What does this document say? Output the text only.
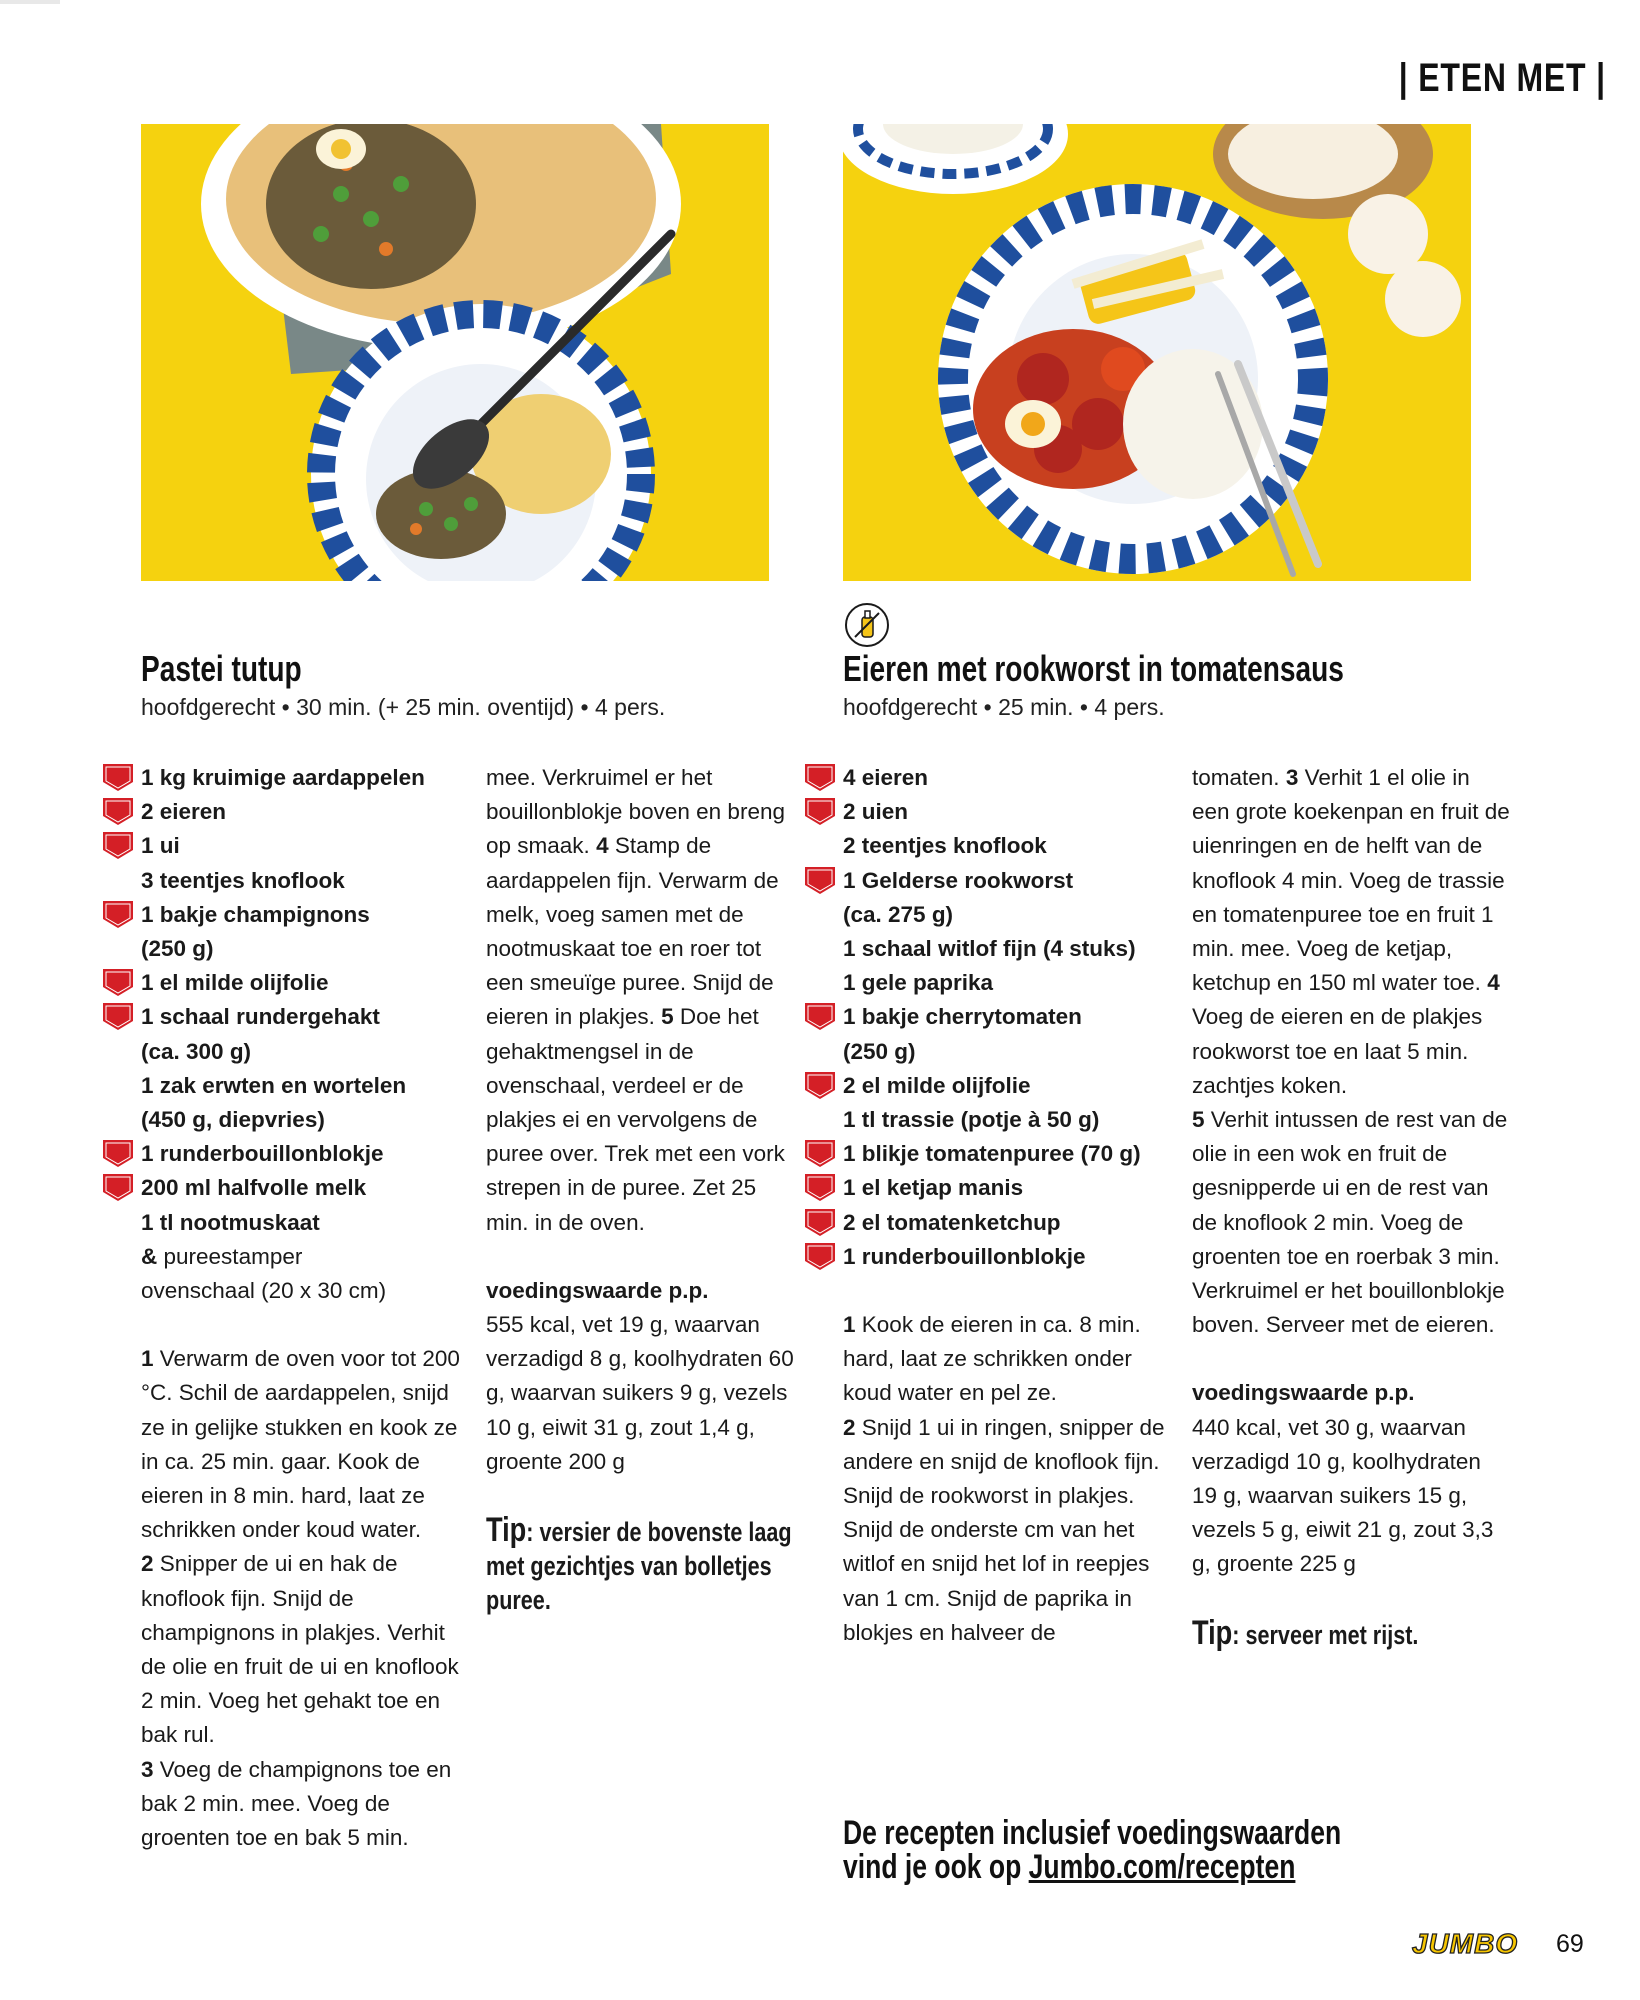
| ETEN MET |
Pastei tutup
hoofdgerecht • 30 min. (+ 25 min. oventijd) • 4 pers.
Eieren met rookworst in tomatensaus
hoofdgerecht • 25 min. • 4 pers.
1 kg kruimige aardappelen
2 eieren
1 ui
3 teentjes knoflook
1 bakje champignons
(250 g)
1 el milde olijfolie
1 schaal rundergehakt
(ca. 300 g)
1 zak erwten en wortelen
(450 g, diepvries)
1 runderbouillonblokje
200 ml halfvolle melk
1 tl nootmuskaat
& pureestamper
ovenschaal (20 x 30 cm)

1 Verwarm de oven voor tot 200 °C. Schil de aardappelen, snijd ze in gelijke stukken en kook ze in ca. 25 min. gaar. Kook de eieren in 8 min. hard, laat ze schrikken onder koud water.

2 Snipper de ui en hak de knoflook fijn. Snijd de champignons in plakjes. Verhit de olie en fruit de ui en knoflook 2 min. Voeg het gehakt toe en bak rul.

3 Voeg de champignons toe en bak 2 min. mee. Voeg de groenten toe en bak 5 min.

mee. Verkruimel er het bouillonblokje boven en breng op smaak. 4 Stamp de aardappelen fijn. Verwarm de melk, voeg samen met de nootmuskaat toe en roer tot een smeuïge puree. Snijd de eieren in plakjes. 5 Doe het gehaktmengsel in de ovenschaal, verdeel er de plakjes ei en vervolgens de puree over. Trek met een vork strepen in de puree. Zet 25 min. in de oven.

voedingswaarde p.p.

555 kcal, vet 19 g, waarvan verzadigd 8 g, koolhydraten 60 g, waarvan suikers 9 g, vezels 10 g, eiwit 31 g, zout 1,4 g, groente 200 g

Tip: versier de bovenste laag met gezichtjes van bolletjes puree.
4 eieren
2 uien
2 teentjes knoflook
1 Gelderse rookworst
(ca. 275 g)
1 schaal witlof fijn (4 stuks)
1 gele paprika
1 bakje cherrytomaten
(250 g)
2 el milde olijfolie
1 tl trassie (potje à 50 g)
1 blikje tomatenpuree (70 g)
1 el ketjap manis
2 el tomatenketchup
1 runderbouillonblokje

1 Kook de eieren in ca. 8 min. hard, laat ze schrikken onder koud water en pel ze.

2 Snijd 1 ui in ringen, snipper de andere en snijd de knoflook fijn. Snijd de rookworst in plakjes. Snijd de onderste cm van het witlof en snijd het lof in reepjes van 1 cm. Snijd de paprika in blokjes en halveer de

tomaten. 3 Verhit 1 el olie in een grote koekenpan en fruit de uienringen en de helft van de knoflook 4 min. Voeg de trassie en tomatenpuree toe en fruit 1 min. mee. Voeg de ketjap, ketchup en 150 ml water toe. 4 Voeg de eieren en de plakjes rookworst toe en laat 5 min. zachtjes koken.

5 Verhit intussen de rest van de olie in een wok en fruit de gesnipperde ui en de rest van de knoflook 2 min. Voeg de groenten toe en roerbak 3 min. Verkruimel er het bouillonblokje boven. Serveer met de eieren.

voedingswaarde p.p.

440 kcal, vet 30 g, waarvan verzadigd 10 g, koolhydraten 19 g, waarvan suikers 15 g, vezels 5 g, eiwit 21 g, zout 3,3 g, groente 225 g

Tip: serveer met rijst.
De recepten inclusief voedingswaarden
vind je ook op Jumbo.com/recepten
JUMBO 69
